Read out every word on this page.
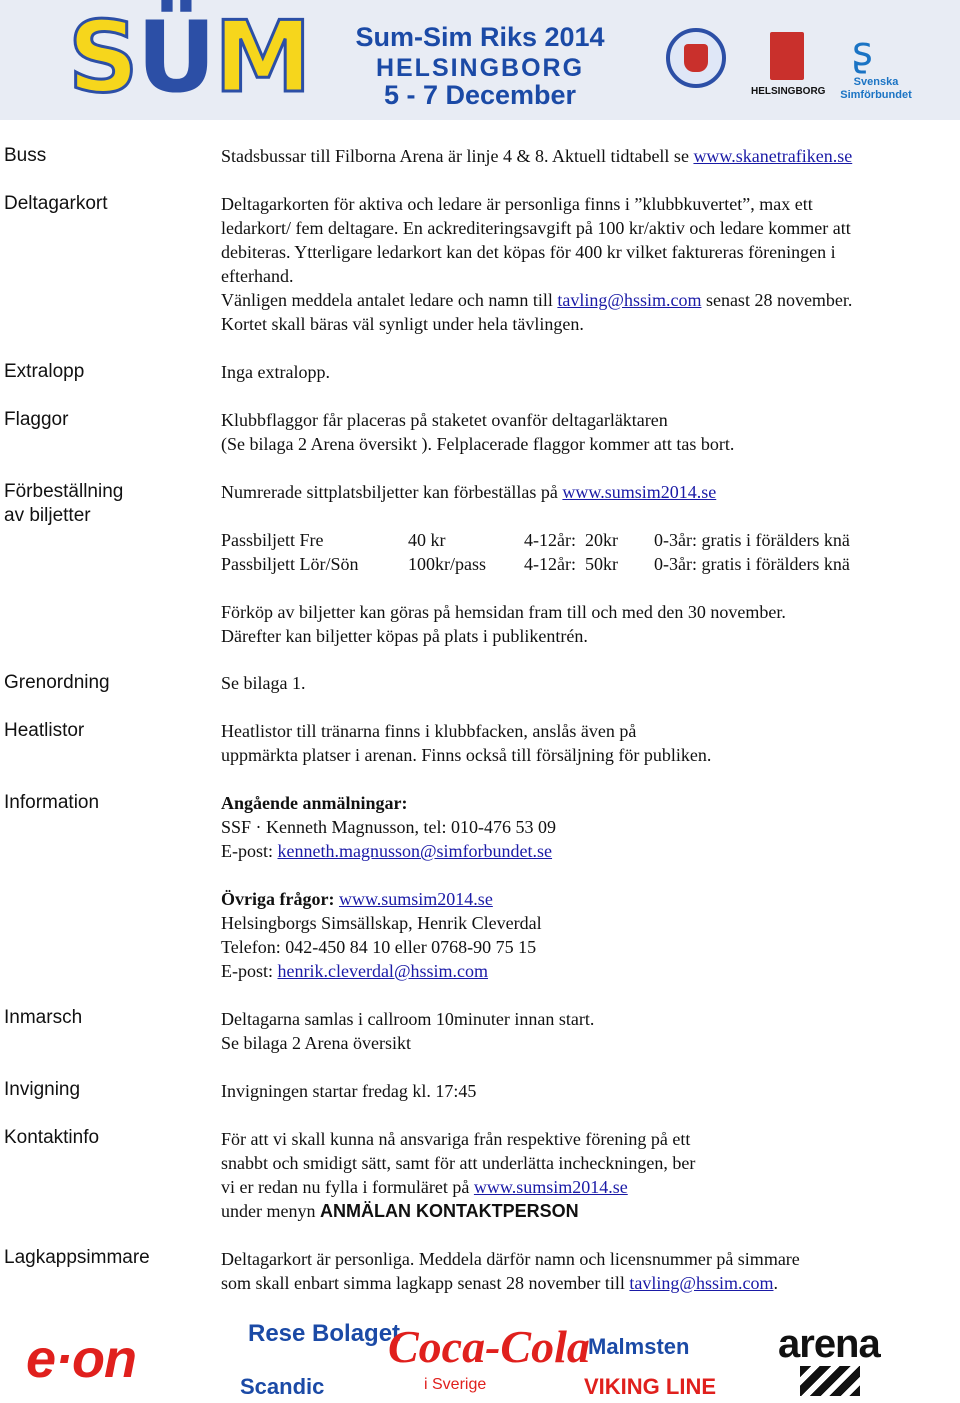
SÜM	Sum-Sim Riks 2014
HELSINGBORG
5 - 7 December	HELSINGBORG
ʂ
Svenska
Simförbundet
Buss	Stadsbussar till Filborna Arena är linje 4 & 8. Aktuell tidtabell se www.skanetrafiken.se
Deltagarkort	Deltagarkorten för aktiva och ledare är personliga finns i ”klubbkuvertet”, max ett
ledarkort/ fem deltagare. En ackrediteringsavgift på 100 kr/aktiv och ledare kommer att
debiteras. Ytterligare ledarkort kan det köpas för 400 kr vilket faktureras föreningen i
efterhand.
Vänligen meddela antalet ledare och namn till tavling@hssim.com senast 28 november.
Kortet skall bäras väl synligt under hela tävlingen.
Extralopp	Inga extralopp.
Flaggor	Klubbflaggor får placeras på staketet ovanför deltagarläktaren
(Se bilaga 2 Arena översikt ). Felplacerade flaggor kommer att tas bort.
Förbeställning
av biljetter
Numrerade sittplatsbiljetter kan förbeställas på www.sumsim2014.se
Passbiljett Fre	40 kr	4-12år:  20kr 0-3år: gratis i förälders knä
Passbiljett Lör/Sön	100kr/pass 4-12år:  50kr 0-3år: gratis i förälders knä
Förköp av biljetter kan göras på hemsidan fram till och med den 30 november.
Därefter kan biljetter köpas på plats i publikentrén.
Grenordning	Se bilaga 1.
Heatlistor	Heatlistor till tränarna finns i klubbfacken, anslås även på
uppmärkta platser i arenan. Finns också till försäljning för publiken.
Information	Angående anmälningar:
SSF · Kenneth Magnusson, tel: 010-476 53 09
E-post: kenneth.magnusson@simforbundet.se
Övriga frågor: www.sumsim2014.se
Helsingborgs Simsällskap, Henrik Cleverdal
Telefon: 042-450 84 10 eller 0768-90 75 15
E-post: henrik.cleverdal@hssim.com
Inmarsch	Deltagarna samlas i callroom 10minuter innan start.
Se bilaga 2 Arena översikt
Invigning	Invigningen startar fredag kl. 17:45
Kontaktinfo	För att vi skall kunna nå ansvariga från respektive förening på ett
snabbt och smidigt sätt, samt för att underlätta incheckningen, ber
vi er redan nu fylla i formuläret på www.sumsim2014.se
under menyn ANMÄLAN KONTAKTPERSON
Lagkappsimmare	Deltagarkort är personliga. Meddela därför namn och licensnummer på simmare
som skall enbart simma lagkapp senast 28 november till tavling@hssim.com.
e·on	Rese Bolaget
Scandic
Coca-Cola
i Sverige
Malmsten
VIKING LINE
arena
